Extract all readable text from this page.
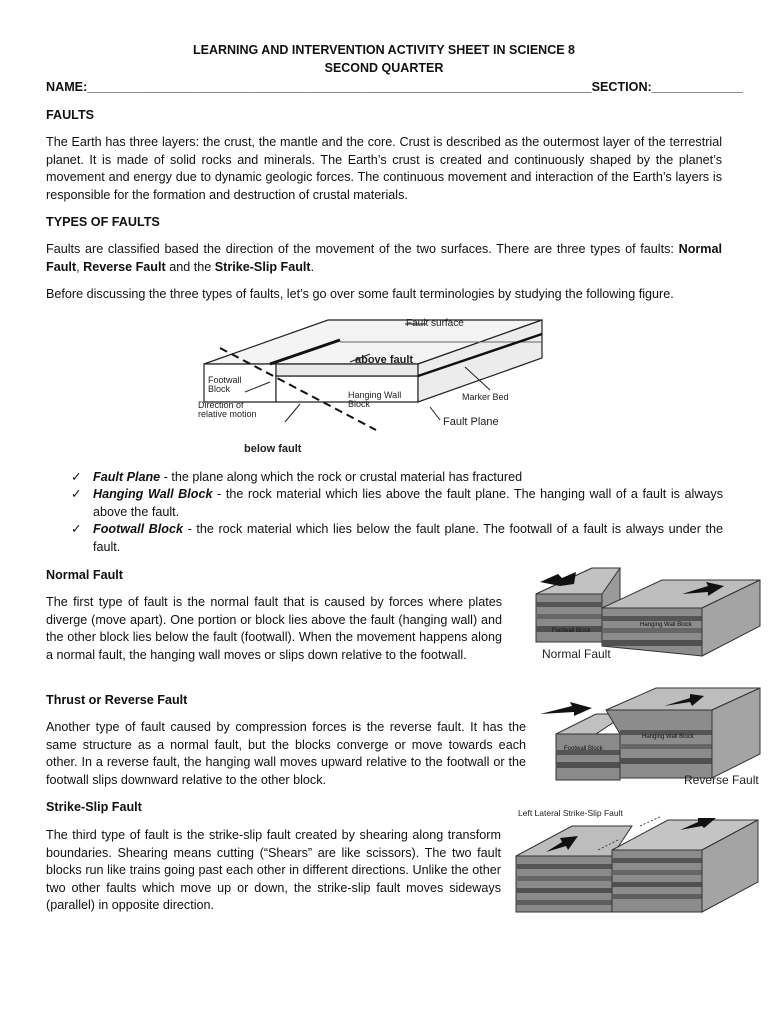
LEARNING AND INTERVENTION ACTIVITY SHEET IN SCIENCE 8
SECOND QUARTER
NAME:________________________________________________________________________SECTION:_____________
FAULTS
The Earth has three layers: the crust, the mantle and the core. Crust is described as the outermost layer of the terrestrial planet. It is made of solid rocks and minerals. The Earth’s crust is created and continuously shaped by the planet’s movement and energy due to dynamic geologic forces. The continuous movement and interaction of the Earth’s layers is responsible for the formation and destruction of crustal materials.
TYPES OF FAULTS
Faults are classified based the direction of the movement of the two surfaces. There are three types of faults: Normal Fault, Reverse Fault and the Strike-Slip Fault.
Before discussing the three types of faults, let’s go over some fault terminologies by studying the following figure.
Fault surface
above fault
Footwall
Block
Hanging Wall
Block
Direction of
relative motion
Marker Bed
Fault Plane
below fault
✓ Fault Plane - the plane along which the rock or crustal material has fractured
✓ Hanging Wall Block - the rock material which lies above the fault plane. The hanging wall of a fault is always above the fault.
✓ Footwall Block - the rock material which lies below the fault plane. The footwall of a fault is always under the fault.
Normal Fault
The first type of fault is the normal fault that is caused by forces where plates diverge (move apart). One portion or block lies above the fault (hanging wall) and the other block lies below the fault (footwall). When the movement happens along a normal fault, the hanging wall moves or slips down relative to the footwall.
Footwall Block
Hanging Wall Block
Normal Fault
Thrust or Reverse Fault
Another type of fault caused by compression forces is the reverse fault. It has the same structure as a normal fault, but the blocks converge or move towards each other. In a reverse fault, the hanging wall moves upward relative to the footwall or the footwall slips downward relative to the other block.
Footwall Block
Hanging Wall Block
Reverse Fault
Strike-Slip Fault
The third type of fault is the strike-slip fault created by shearing along transform boundaries. Shearing means cutting (“Shears” are like scissors). The two fault blocks run like trains going past each other in different directions. Unlike the other two other faults which move up or down, the strike-slip fault moves sideways (parallel) in opposite direction.
Left Lateral Strike-Slip Fault
